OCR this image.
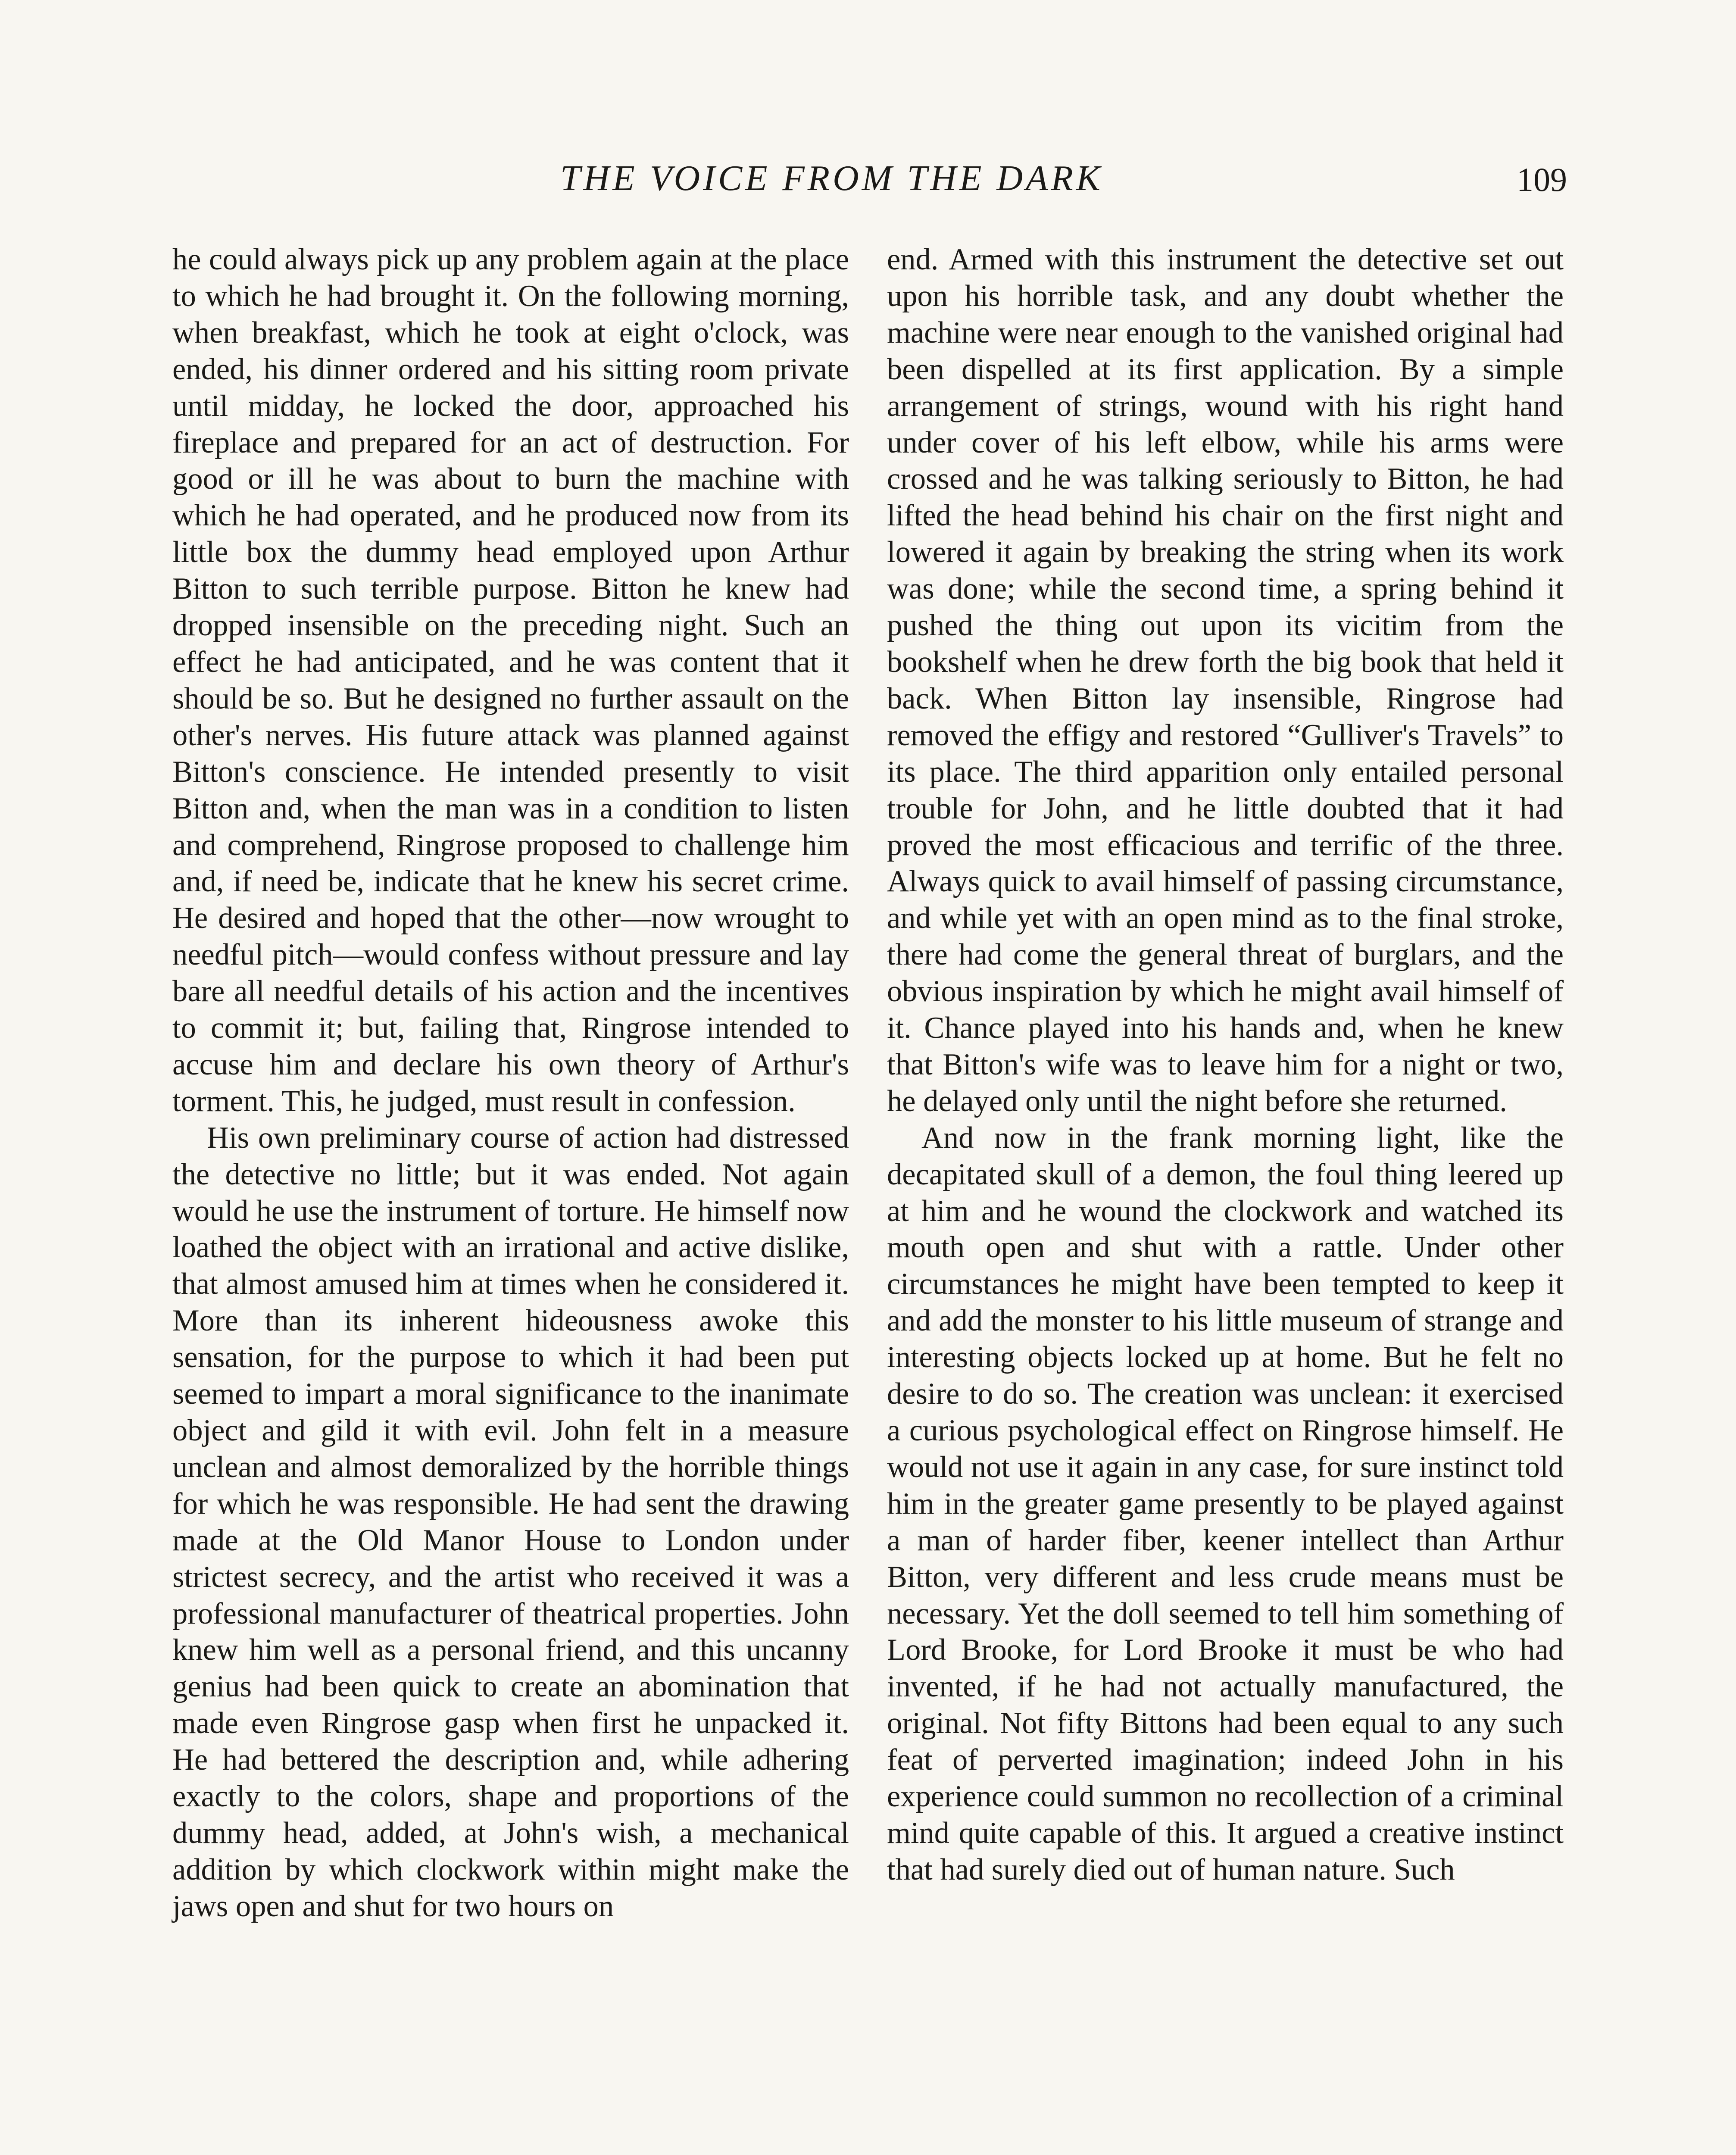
THE VOICE FROM THE DARK	109

he could always pick up any problem again at the place to which he had brought it. On the following morning, when breakfast, which he took at eight o'clock, was ended, his dinner ordered and his sitting room private until midday, he locked the door, approached his fireplace and prepared for an act of destruction. For good or ill he was about to burn the machine with which he had operated, and he produced now from its little box the dummy head employed upon Arthur Bitton to such terrible purpose. Bitton he knew had dropped insensible on the preceding night. Such an effect he had anticipated, and he was content that it should be so. But he designed no further assault on the other's nerves. His future attack was planned against Bitton's conscience. He intended presently to visit Bitton and, when the man was in a condition to listen and comprehend, Ringrose proposed to challenge him and, if need be, indicate that he knew his secret crime. He desired and hoped that the other—now wrought to needful pitch—would confess without pressure and lay bare all needful details of his action and the incentives to commit it; but, failing that, Ringrose intended to accuse him and declare his own theory of Arthur's torment. This, he judged, must result in confession.

His own preliminary course of action had distressed the detective no little; but it was ended. Not again would he use the instrument of torture. He himself now loathed the object with an irrational and active dislike, that almost amused him at times when he considered it. More than its inherent hideousness awoke this sensation, for the purpose to which it had been put seemed to impart a moral significance to the inanimate object and gild it with evil. John felt in a measure unclean and almost demoralized by the horrible things for which he was responsible. He had sent the drawing made at the Old Manor House to London under strictest secrecy, and the artist who received it was a professional manufacturer of theatrical properties. John knew him well as a personal friend, and this uncanny genius had been quick to create an abomination that made even Ringrose gasp when first he unpacked it. He had bettered the description and, while adhering exactly to the colors, shape and proportions of the dummy head, added, at John's wish, a mechanical addition by which clockwork within might make the jaws open and shut for two hours on

end. Armed with this instrument the detective set out upon his horrible task, and any doubt whether the machine were near enough to the vanished original had been dispelled at its first application. By a simple arrangement of strings, wound with his right hand under cover of his left elbow, while his arms were crossed and he was talking seriously to Bitton, he had lifted the head behind his chair on the first night and lowered it again by breaking the string when its work was done; while the second time, a spring behind it pushed the thing out upon its vicitim from the bookshelf when he drew forth the big book that held it back. When Bitton lay insensible, Ringrose had removed the effigy and restored “Gulliver's Travels” to its place. The third apparition only entailed personal trouble for John, and he little doubted that it had proved the most efficacious and terrific of the three. Always quick to avail himself of passing circumstance, and while yet with an open mind as to the final stroke, there had come the general threat of burglars, and the obvious inspiration by which he might avail himself of it. Chance played into his hands and, when he knew that Bitton's wife was to leave him for a night or two, he delayed only until the night before she returned.

And now in the frank morning light, like the decapitated skull of a demon, the foul thing leered up at him and he wound the clockwork and watched its mouth open and shut with a rattle. Under other circumstances he might have been tempted to keep it and add the monster to his little museum of strange and interesting objects locked up at home. But he felt no desire to do so. The creation was unclean: it exercised a curious psychological effect on Ringrose himself. He would not use it again in any case, for sure instinct told him in the greater game presently to be played against a man of harder fiber, keener intellect than Arthur Bitton, very different and less crude means must be necessary. Yet the doll seemed to tell him something of Lord Brooke, for Lord Brooke it must be who had invented, if he had not actually manufactured, the original. Not fifty Bittons had been equal to any such feat of perverted imagination; indeed John in his experience could summon no recollection of a criminal mind quite capable of this. It argued a creative instinct that had surely died out of human nature. Such
